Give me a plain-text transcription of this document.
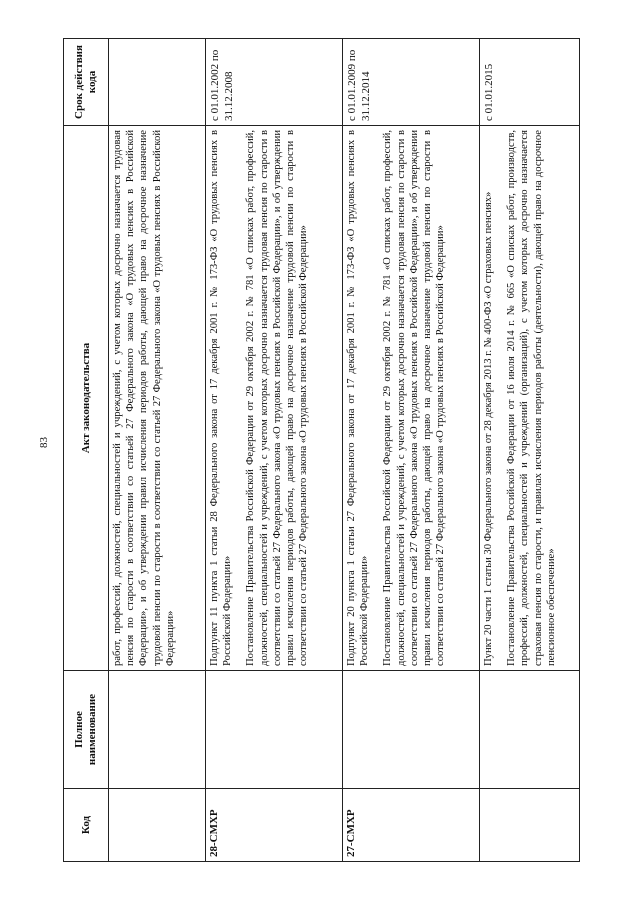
83
Код	Полное наименование	Акт законодательства	Срок действия кода

		работ, профессий, должностей, специальностей и учреждений, с учетом которых досрочно назначается трудовая пенсия по старости в соответствии со статьей 27 Федерального закона «О трудовых пенсиях в Российской Федерации», и об утверждении правил исчисления периодов работы, дающей право на досрочное назначение трудовой пенсии по старости в соответствии со статьей 27 Федерального закона «О трудовых пенсиях в Российской Федерации»	

28-СМХР		Подпункт 11 пункта 1 статьи 28 Федерального закона от 17 декабря 2001 г. № 173-ФЗ «О трудовых пенсиях в Российской Федерации» Постановление Правительства Российской Федерации от 29 октября 2002 г. № 781 «О списках работ, профессий, должностей, специальностей и учреждений, с учетом которых досрочно назначается трудовая пенсия по старости в соответствии со статьей 27 Федерального закона «О трудовых пенсиях в Российской Федерации», и об утверждении правил исчисления периодов работы, дающей право на досрочное назначение трудовой пенсии по старости в соответствии со статьей 27 Федерального закона «О трудовых пенсиях в Российской Федерации»	с 01.01.2002 по 31.12.2008
27-СМХР		Подпункт 20 пункта 1 статьи 27 Федерального закона от 17 декабря 2001 г. № 173-ФЗ «О трудовых пенсиях в Российской Федерации» Постановление Правительства Российской Федерации от 29 октября 2002 г. № 781 «О списках работ, профессий, должностей, специальностей и учреждений, с учетом которых досрочно назначается трудовая пенсия по старости в соответствии со статьей 27 Федерального закона «О трудовых пенсиях в Российской Федерации», и об утверждении правил исчисления периодов работы, дающей право на досрочное назначение трудовой пенсии по старости в соответствии со статьей 27 Федерального закона «О трудовых пенсиях в Российской Федерации»	с 01.01.2009 по 31.12.2014

		Пункт 20 части 1 статьи 30 Федерального закона от 28 декабря 2013 г. № 400-ФЗ «О страховых пенсиях» Постановление Правительства Российской Федерации от 16 июля 2014 г. № 665 «О списках работ, производств, профессий, должностей, специальностей и учреждений (организаций), с учетом которых досрочно назначается страховая пенсия по старости, и правилах исчисления периодов работы (деятельности), дающей право на досрочное пенсионное обеспечение»	с 01.01.2015
